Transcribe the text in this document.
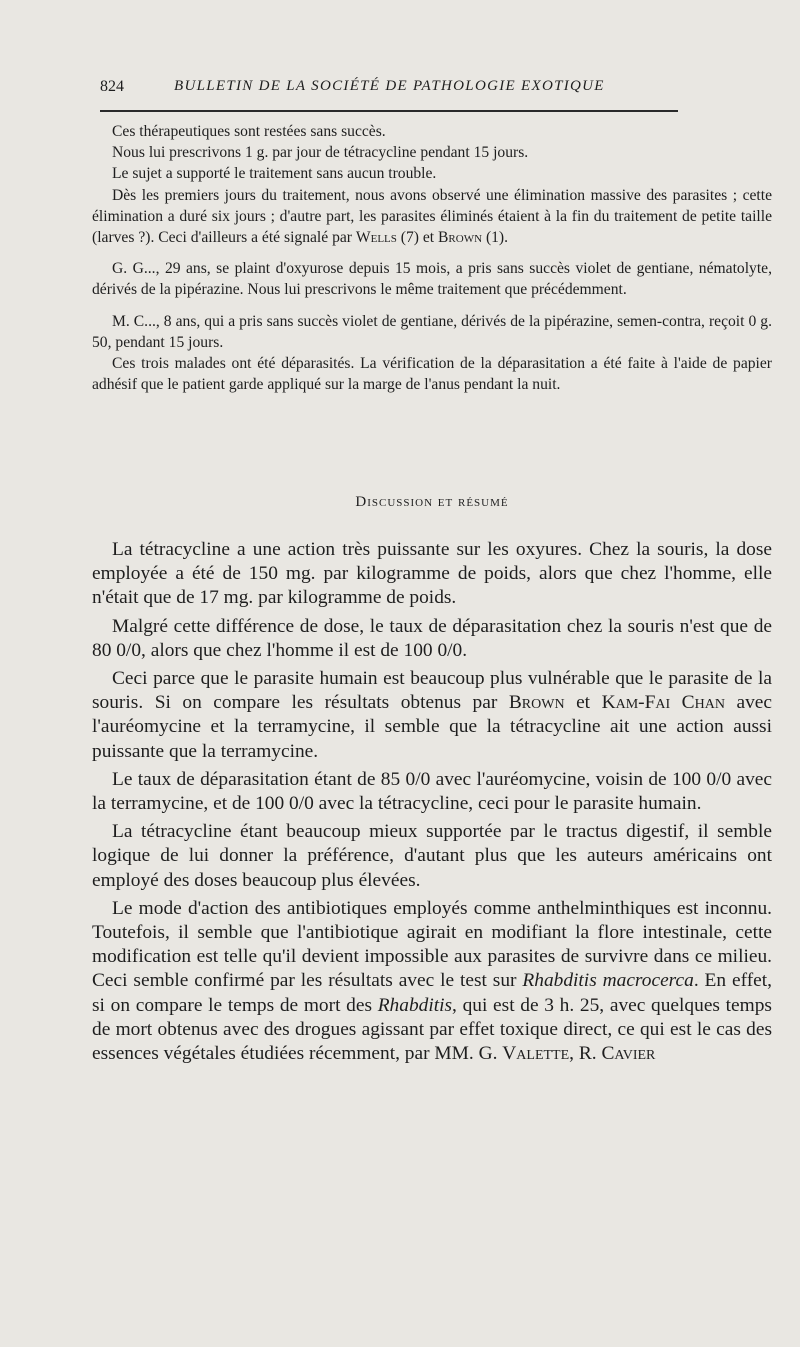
824	BULLETIN DE LA SOCIÉTÉ DE PATHOLOGIE EXOTIQUE

Ces thérapeutiques sont restées sans succès.

Nous lui prescrivons 1 g. par jour de tétracycline pendant 15 jours.

Le sujet a supporté le traitement sans aucun trouble.

Dès les premiers jours du traitement, nous avons observé une élimination massive des parasites ; cette élimination a duré six jours ; d'autre part, les parasites éliminés étaient à la fin du traitement de petite taille (larves ?). Ceci d'ailleurs a été signalé par Wells (7) et Brown (1).

G. G..., 29 ans, se plaint d'oxyurose depuis 15 mois, a pris sans succès violet de gentiane, nématolyte, dérivés de la pipérazine. Nous lui prescrivons le même traitement que précédemment.

M. C..., 8 ans, qui a pris sans succès violet de gentiane, dérivés de la pipérazine, semen-contra, reçoit 0 g. 50, pendant 15 jours.

Ces trois malades ont été déparasités. La vérification de la déparasitation a été faite à l'aide de papier adhésif que le patient garde appliqué sur la marge de l'anus pendant la nuit.

Discussion et résumé

La tétracycline a une action très puissante sur les oxyures. Chez la souris, la dose employée a été de 150 mg. par kilogramme de poids, alors que chez l'homme, elle n'était que de 17 mg. par kilogramme de poids.

Malgré cette différence de dose, le taux de déparasitation chez la souris n'est que de 80 0/0, alors que chez l'homme il est de 100 0/0.

Ceci parce que le parasite humain est beaucoup plus vulnérable que le parasite de la souris. Si on compare les résultats obtenus par Brown et Kam-Fai Chan avec l'auréomycine et la terramycine, il semble que la tétracycline ait une action aussi puissante que la terramycine.

Le taux de déparasitation étant de 85 0/0 avec l'auréomycine, voisin de 100 0/0 avec la terramycine, et de 100 0/0 avec la tétracycline, ceci pour le parasite humain.

La tétracycline étant beaucoup mieux supportée par le tractus digestif, il semble logique de lui donner la préférence, d'autant plus que les auteurs américains ont employé des doses beaucoup plus élevées.

Le mode d'action des antibiotiques employés comme anthelminthiques est inconnu. Toutefois, il semble que l'antibiotique agirait en modifiant la flore intestinale, cette modification est telle qu'il devient impossible aux parasites de survivre dans ce milieu. Ceci semble confirmé par les résultats avec le test sur Rhabditis macrocerca. En effet, si on compare le temps de mort des Rhabditis, qui est de 3 h. 25, avec quelques temps de mort obtenus avec des drogues agissant par effet toxique direct, ce qui est le cas des essences végétales étudiées récemment, par MM. G. Valette, R. Cavier
